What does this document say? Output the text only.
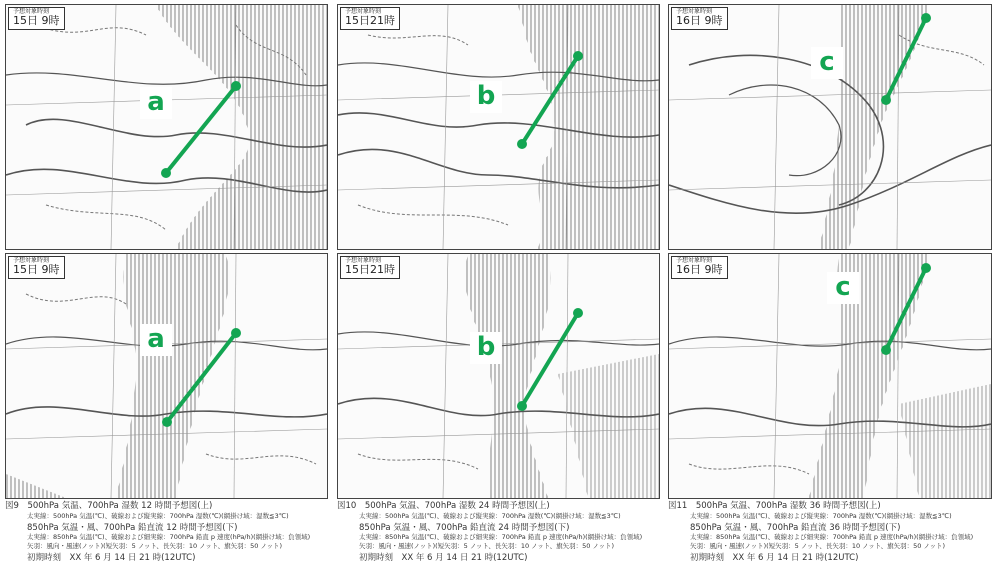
予想対象時刻
15日 9時
a
予想対象時刻
15日21時
b
予想対象時刻
16日 9時
c
予想対象時刻
15日 9時
a
予想対象時刻
15日21時
b
予想対象時刻
16日 9時
c
図9　 500hPa 気温、700hPa 湿数 12 時間予想図(上)
太実線：500hPa 気温(℃)、破線および縦実線：700hPa 湿数(℃)(網掛け域：湿数≦3℃)
850hPa 気温・風、700hPa 鉛直流 12 時間予想図(下)
太実線：850hPa 気温(℃)、破線および細実線：700hPa 鉛直 p 速度(hPa/h)(網掛け域：負領域)
矢羽：風向・風速(ノット)(短矢羽：5 ノット、長矢羽：10 ノット、旗矢羽：50 ノット)
初期時刻　XX 年 6 月 14 日 21 時(12UTC)
図10　 500hPa 気温、700hPa 湿数 24 時間予想図(上)
太実線：500hPa 気温(℃)、破線および縦実線：700hPa 湿数(℃)(網掛け域：湿数≦3℃)
850hPa 気温・風、700hPa 鉛直流 24 時間予想図(下)
太実線：850hPa 気温(℃)、破線および細実線：700hPa 鉛直 p 速度(hPa/h)(網掛け域：負領域)
矢羽：風向・風速(ノット)(短矢羽：5 ノット、長矢羽：10 ノット、旗矢羽：50 ノット)
初期時刻　XX 年 6 月 14 日 21 時(12UTC)
図11　 500hPa 気温、700hPa 湿数 36 時間予想図(上)
太実線：500hPa 気温(℃)、破線および縦実線：700hPa 湿数(℃)(網掛け域：湿数≦3℃)
850hPa 気温・風、700hPa 鉛直流 36 時間予想図(下)
太実線：850hPa 気温(℃)、破線および細実線：700hPa 鉛直 p 速度(hPa/h)(網掛け域：負領域)
矢羽：風向・風速(ノット)(短矢羽：5 ノット、長矢羽：10 ノット、旗矢羽：50 ノット)
初期時刻　XX 年 6 月 14 日 21 時(12UTC)
